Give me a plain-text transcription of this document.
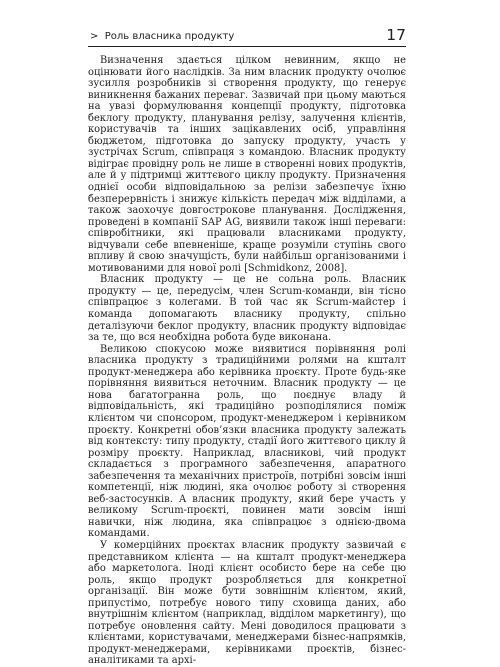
>  Роль власника продукту	17

Визначення здається цілком невинним, якщо не оцінювати його наслідків. За ним власник продукту очолює зусилля розробників зі створення продукту, що генерує виникнення бажаних переваг. Зазвичай при цьому маються на увазі формулювання концепції продукту, підготовка беклогу продукту, планування релізу, залучення клієнтів, користувачів та інших зацікавлених осіб, управління бюджетом, підготовка до запуску продукту, участь у зустрічах Scrum, співпраця з командою. Власник продукту відіграє провідну роль не лише в створенні нових продуктів, але й у підтримці життєвого циклу продукту. Призначення однієї особи відповідальною за релізи забезпечує їхню безперервність і знижує кількість передач між відділами, а також заохочує довгострокове планування. Дослідження, проведені в компанії SAP AG, виявили також інші переваги: співробітники, які працювали власниками продукту, відчували себе впевненіше, краще розуміли ступінь свого впливу й свою значущість, були найбільш організованими і мотивованими для нової ролі [Schmidkonz, 2008].

Власник продукту — це не сольна роль. Власник продукту — це, передусім, член Scrum-команди, він тісно співпрацює з колегами. В той час як Scrum-майстер і команда допомагають власнику продукту, спільно деталізуючи беклог продукту, власник продукту відповідає за те, що вся необхідна робота буде виконана.

Великою спокусою може виявитися порівняння ролі власника продукту з традиційними ролями на кшталт продукт-менеджера або керівника проєкту. Проте будь-яке порівняння виявиться неточним. Власник продукту — це нова багатогранна роль, що поєднує владу й відповідальність, які традиційно розподілялися поміж клієнтом чи спонсором, продукт-менеджером і керівником проєкту. Конкретні обов’язки власника продукту залежать від контексту: типу продукту, стадії його життєвого циклу й розміру проєкту. Наприклад, власникові, чий продукт складається з програмного забезпечення, апаратного забезпечення та механічних пристроїв, потрібні зовсім інші компетенції, ніж людині, яка очолює роботу зі створення веб-застосунків. А власник продукту, який бере участь у великому Scrum-проєкті, повинен мати зовсім інші навички, ніж людина, яка співпрацює з однією-двома командами.

У комерційних проєктах власник продукту зазвичай є представником клієнта — на кшталт продукт-менеджера або маркетолога. Іноді клієнт особисто бере на себе цю роль, якщо продукт розробляється для конкретної організації. Він може бути зовнішнім клієнтом, який, припустімо, потребує нового типу сховища даних, або внутрішнім клієнтом (наприклад, відділом маркетингу), що потребує оновлення сайту. Мені доводилося працювати з клієнтами, користувачами, менеджерами бізнес-напрямків, продукт-менеджерами, керівниками проєктів, бізнес-аналітиками та архі-
